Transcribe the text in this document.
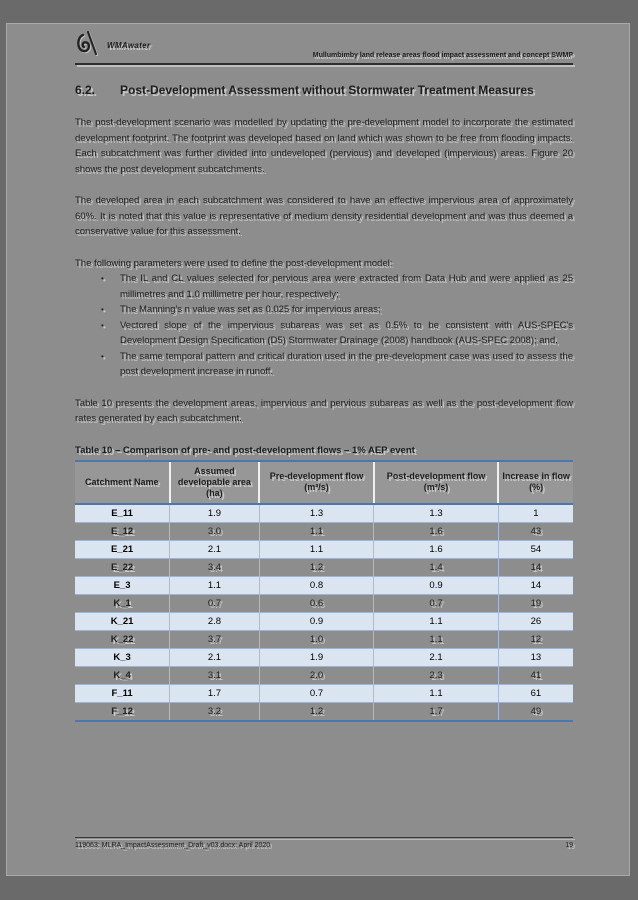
WMAwater
Mullumbimby land release areas flood impact assessment and concept SWMP
6.2.	Post-Development Assessment without Stormwater Treatment Measures
The post-development scenario was modelled by updating the pre-development model to incorporate the estimated development footprint. The footprint was developed based on land which was shown to be free from flooding impacts. Each subcatchment was further divided into undeveloped (pervious) and developed (impervious) areas. Figure 20 shows the post development subcatchments.
The developed area in each subcatchment was considered to have an effective impervious area of approximately 60%. It is noted that this value is representative of medium density residential development and was thus deemed a conservative value for this assessment.
The following parameters were used to define the post-development model:
• The IL and CL values selected for pervious area were extracted from Data Hub and were applied as 25 millimetres and 1.0 millimetre per hour, respectively;
• The Manning's n value was set as 0.025 for impervious areas;
• Vectored slope of the impervious subareas was set as 0.5% to be consistent with AUS-SPEC's Development Design Specification (D5) Stormwater Drainage (2008) handbook (AUS-SPEC 2008); and,
• The same temporal pattern and critical duration used in the pre-development case was used to assess the post development increase in runoff.
Table 10 presents the development areas, impervious and pervious subareas as well as the post-development flow rates generated by each subcatchment.
Table 10 – Comparison of pre- and post-development flows – 1% AEP event
Catchment Name	Assumed developable area (ha)	Pre-development flow (m³/s)	Post-development flow (m³/s)	Increase in flow (%)
E_11	1.9	1.3	1.3	1
E_12	3.0	1.1	1.6	43
E_21	2.1	1.1	1.6	54
E_22	3.4	1.2	1.4	14
E_3	1.1	0.8	0.9	14
K_1	0.7	0.6	0.7	19
K_21	2.8	0.9	1.1	26
K_22	3.7	1.0	1.1	12
K_3	2.1	1.9	2.1	13
K_4	3.1	2.0	2.3	41
F_11	1.7	0.7	1.1	61
F_12	3.2	1.2	1.7	49
119063: MLRA_ImpactAssessment_Draft_v03.docx: April 2020	19
